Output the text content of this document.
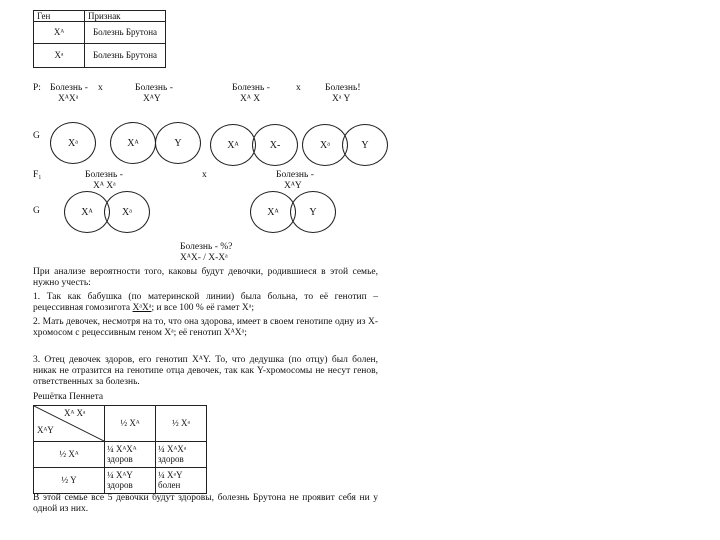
Ген	Признак
Xᴬ	Болезнь Брутона
Xᵃ	Болезнь Брутона
P: Болезнь -
XᴬXᵃ
x	Болезнь -
XᴬY
Болезнь -
Xᴬ X
x	Болезнь!
Xᵃ Y
G
Xᵃ	Xᴬ	Y	Xᴬ	X-	Xᵃ	Y
F₁	Болезнь -
Xᴬ Xᵃ
x	Болезнь -
XᴬY
G	Xᴬ	Xᵃ	Xᴬ	Y
Болезнь - %?
XᴬX- / X-Xᵃ
При анализе вероятности того, каковы будут девочки, родившиеся в этой семье, нужно учесть:
1. Так как бабушка (по материнской линии) была больна, то её генотип – рецессивная гомозигота XᵃXᵃ; и все 100 % её гамет Xᵃ;
2. Мать девочек, несмотря на то, что она здорова, имеет в своем генотипе одну из X-хромосом с рецессивным геном Xᵃ; её генотип XᴬXᵃ;
3. Отец девочек здоров, его генотип XᴬY. То, что дедушка (по отцу) был болен, никак не отразится на генотипе отца девочек, так как Y-хромосомы не несут генов, ответственных за болезнь.
Решётка Пеннета
Xᴬ Xᵃ
XᴬY	½ Xᴬ	½ Xᵃ
½ Xᴬ	¼ XᴬXᴬ здоров	¼ XᴬXᵃ здоров
½ Y	¼ XᴬY здоров	¼ XᵃY болен
В этой семье все 5 девочки будут здоровы, болезнь Брутона не проявит себя ни у одной из них.
